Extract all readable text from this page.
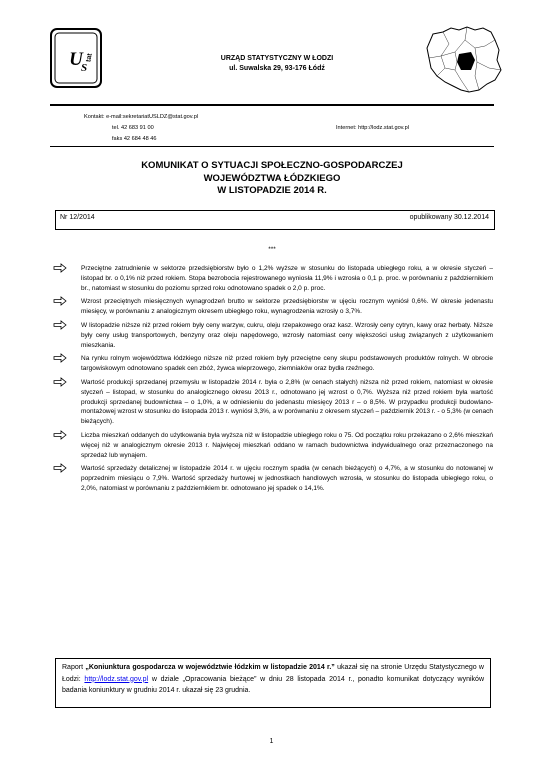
U
S
tat	URZĄD STATYSTYCZNY W ŁODZI
ul. Suwalska 29, 93-176 Łódź
Kontakt: e-mail:sekretariatUSLDZ@stat.gov.pl
tel. 42 683 91 00	Internet: http://lodz.stat.gov.pl
faks 42 684 48 46
KOMUNIKAT O SYTUACJI SPOŁECZNO-GOSPODARCZEJ
WOJEWÓDZTWA ŁÓDZKIEGO
W LISTOPADZIE 2014 R.
Nr 12/2014	opublikowany 30.12.2014
***
Przeciętne zatrudnienie w sektorze przedsiębiorstw było o 1,2% wyższe w stosunku do listopada ubiegłego roku, a w okresie styczeń – listopad br. o 0,1% niż przed rokiem. Stopa bezrobocia rejestrowanego wyniosła 11,9% i wzrosła o 0,1 p. proc. w porównaniu z październikiem br., natomiast w stosunku do poziomu sprzed roku odnotowano spadek o 2,0 p. proc.
Wzrost przeciętnych miesięcznych wynagrodzeń brutto w sektorze przedsiębiorstw w ujęciu rocznym wyniósł 0,6%. W okresie jedenastu miesięcy, w porównaniu z analogicznym okresem ubiegłego roku, wynagrodzenia wzrosły o 3,7%.
W listopadzie niższe niż przed rokiem były ceny warzyw, cukru, oleju rzepakowego oraz kasz. Wzrosły ceny cytryn, kawy oraz herbaty. Niższe były ceny usług transportowych, benzyny oraz oleju napędowego, wzrosły natomiast ceny większości usług związanych z użytkowaniem mieszkania.
Na rynku rolnym województwa łódzkiego niższe niż przed rokiem były przeciętne ceny skupu podstawowych produktów rolnych. W obrocie targowiskowym odnotowano spadek cen zbóż, żywca wieprzowego, ziemniaków oraz bydła rzeźnego.
Wartość produkcji sprzedanej przemysłu w listopadzie 2014 r. była o 2,8% (w cenach stałych) niższa niż przed rokiem, natomiast w okresie styczeń – listopad, w stosunku do analogicznego okresu 2013 r., odnotowano jej wzrost o 0,7%. Wyższa niż przed rokiem była wartość produkcji sprzedanej budownictwa – o 1,0%, a w odniesieniu do jedenastu miesięcy 2013 r – o 8,5%. W przypadku produkcji budowlano-montażowej wzrost w stosunku do listopada 2013 r. wyniósł 3,3%, a w porównaniu z okresem styczeń – październik 2013 r. - o 5,3% (w cenach bieżących).
Liczba mieszkań oddanych do użytkowania była wyższa niż w listopadzie ubiegłego roku o 75. Od początku roku przekazano o 2,6% mieszkań więcej niż w analogicznym okresie 2013 r. Najwięcej mieszkań oddano w ramach budownictwa indywidualnego oraz przeznaczonego na sprzedaż lub wynajem.
Wartość sprzedaży detalicznej w listopadzie 2014 r. w ujęciu rocznym spadła (w cenach bieżących) o 4,7%, a w stosunku do notowanej w poprzednim miesiącu o 7,9%. Wartość sprzedaży hurtowej w jednostkach handlowych wzrosła, w stosunku do listopada ubiegłego roku, o 2,0%, natomiast w porównaniu z październikiem br. odnotowano jej spadek o 14,1%.
Raport „Koniunktura gospodarcza w województwie łódzkim w listopadzie 2014 r.” ukazał się na stronie Urzędu Statystycznego w Łodzi: http://lodz.stat.gov.pl w dziale „Opracowania bieżące” w dniu 28 listopada 2014 r., ponadto komunikat dotyczący wyników badania koniunktury w grudniu 2014 r. ukazał się 23 grudnia.
1
